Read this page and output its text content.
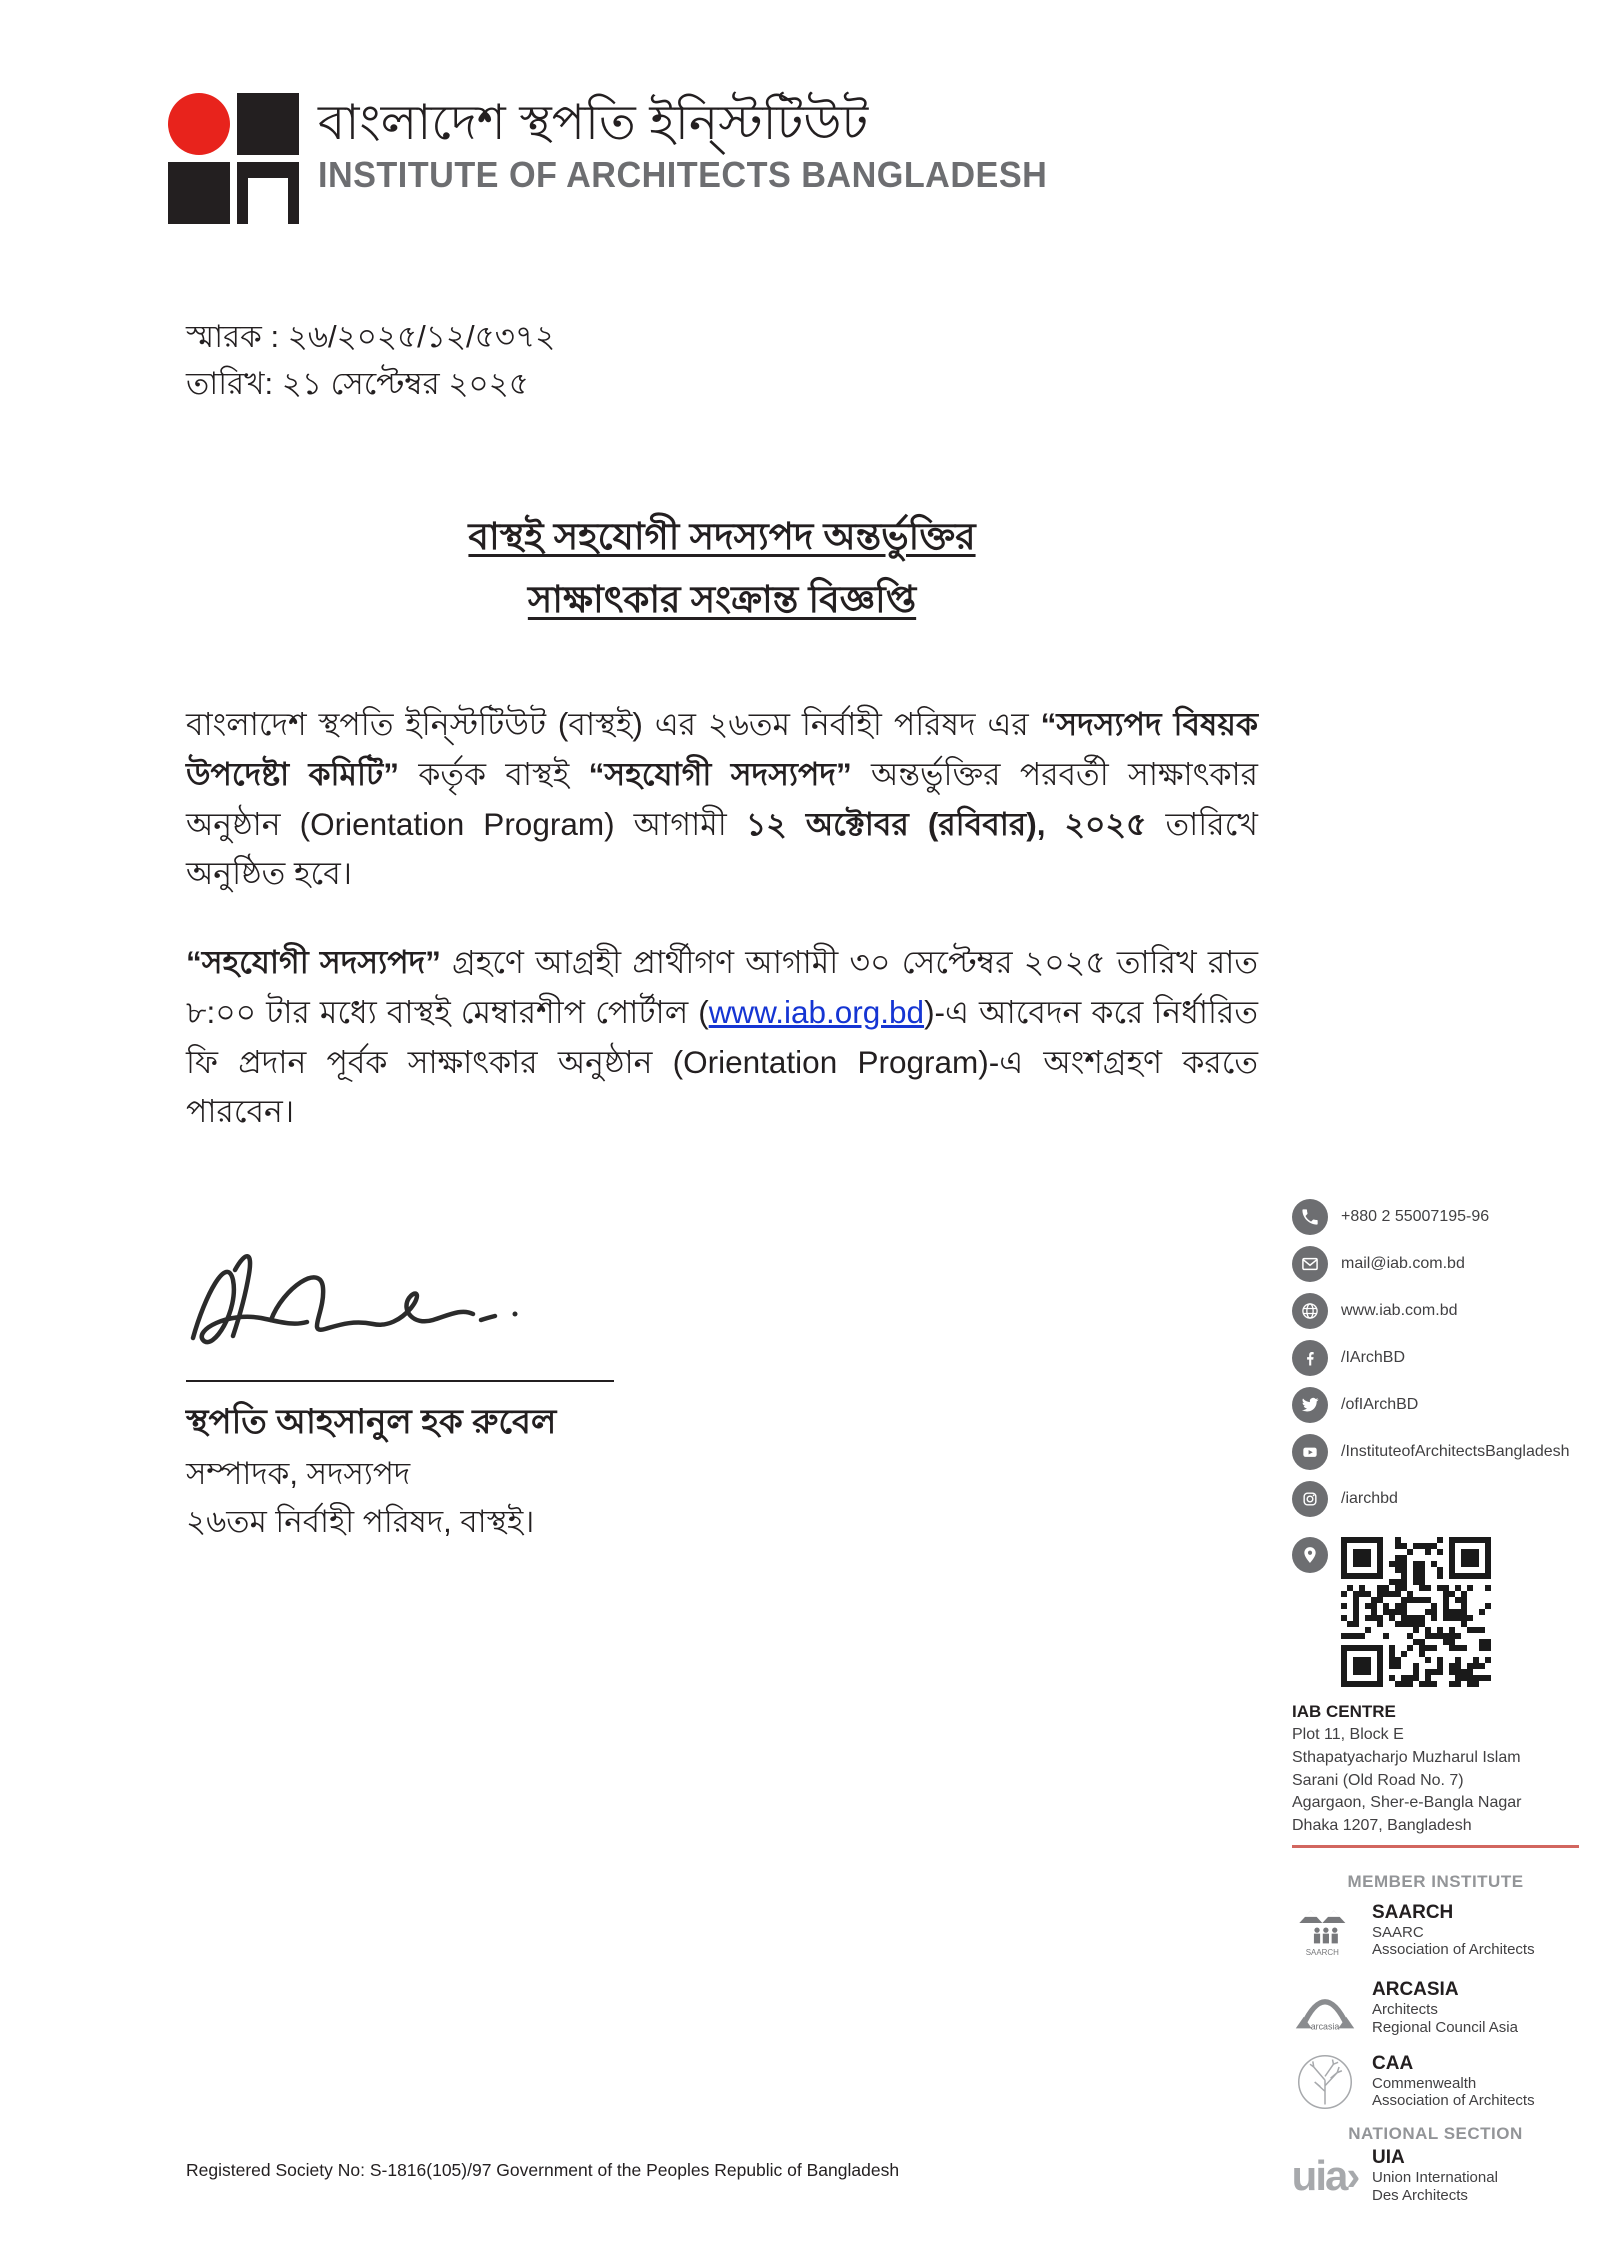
বাংলাদেশ স্থপতি ইন্স্টিটিউট
INSTITUTE OF ARCHITECTS BANGLADESH
স্মারক : ২৬/২০২৫/১২/৫৩৭২
তারিখ: ২১ সেপ্টেম্বর ২০২৫
বাস্থই সহযোগী সদস্যপদ অন্তর্ভুক্তির
সাক্ষাৎকার সংক্রান্ত বিজ্ঞপ্তি
বাংলাদেশ স্থপতি ইন্স্টিটিউট (বাস্থই) এর ২৬তম নির্বাহী পরিষদ এর “সদস্যপদ বিষয়ক উপদেষ্টা কমিটি” কর্তৃক বাস্থই “সহযোগী সদস্যপদ” অন্তর্ভুক্তির পরবর্তী সাক্ষাৎকার অনুষ্ঠান (Orientation Program) আগামী ১২ অক্টোবর (রবিবার), ২০২৫ তারিখে অনুষ্ঠিত হবে।
“সহযোগী সদস্যপদ” গ্রহণে আগ্রহী প্রার্থীগণ আগামী ৩০ সেপ্টেম্বর ২০২৫ তারিখ রাত ৮:০০ টার মধ্যে বাস্থই মেম্বারশীপ পোর্টাল (www.iab.org.bd)-এ আবেদন করে নির্ধারিত ফি প্রদান পূর্বক সাক্ষাৎকার অনুষ্ঠান (Orientation Program)-এ অংশগ্রহণ করতে পারবেন।
স্থপতি আহসানুল হক রুবেল
সম্পাদক, সদস্যপদ
২৬তম নির্বাহী পরিষদ, বাস্থই।
+880 2 55007195-96
mail@iab.com.bd
www.iab.com.bd
/IArchBD
/ofIArchBD
/InstituteofArchitectsBangladesh
/iarchbd
IAB CENTRE
Plot 11, Block E
Sthapatyacharjo Muzharul Islam
Sarani (Old Road No. 7)
Agargaon, Sher-e-Bangla Nagar
Dhaka 1207, Bangladesh
MEMBER INSTITUTE
SAARCH
SAARCH
SAARC
Association of Architects
arcasia
ARCASIA
Architects
Regional Council Asia
CAA
Commenwealth
Association of Architects
NATIONAL SECTION
uia› UIA
Union International
Des Architects
Registered Society No: S-1816(105)/97 Government of the Peoples Republic of Bangladesh
